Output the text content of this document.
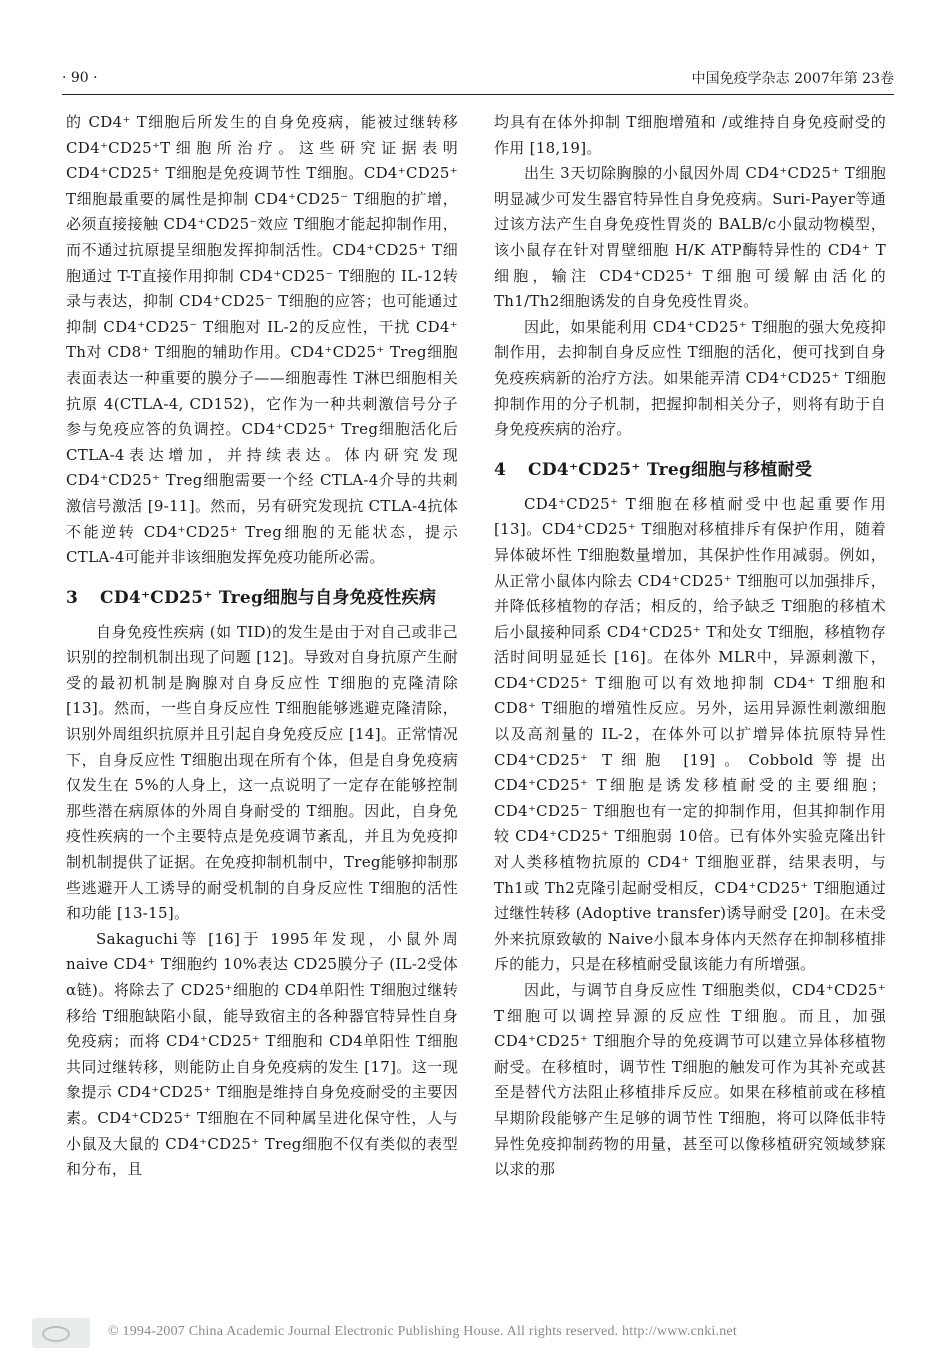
· 90 ·	中国免疫学杂志 2007年第 23卷

的 CD4⁺ T细胞后所发生的自身免疫病，能被过继转移 CD4⁺CD25⁺T细胞所治疗。这些研究证据表明 CD4⁺CD25⁺ T细胞是免疫调节性 T细胞。CD4⁺CD25⁺ T细胞最重要的属性是抑制 CD4⁺CD25⁻ T细胞的扩增，必须直接接触 CD4⁺CD25⁻效应 T细胞才能起抑制作用，而不通过抗原提呈细胞发挥抑制活性。CD4⁺CD25⁺ T细胞通过 T-T直接作用抑制 CD4⁺CD25⁻ T细胞的 IL-12转录与表达，抑制 CD4⁺CD25⁻ T细胞的应答；也可能通过抑制 CD4⁺CD25⁻ T细胞对 IL-2的反应性，干扰 CD4⁺ Th对 CD8⁺ T细胞的辅助作用。CD4⁺CD25⁺ Treg细胞表面表达一种重要的膜分子——细胞毒性 T淋巴细胞相关抗原 4(CTLA-4, CD152)，它作为一种共刺激信号分子参与免疫应答的负调控。CD4⁺CD25⁺ Treg细胞活化后 CTLA-4表达增加，并持续表达。体内研究发现 CD4⁺CD25⁺ Treg细胞需要一个经 CTLA-4介导的共刺激信号激活 [9-11]。然而，另有研究发现抗 CTLA-4抗体不能逆转 CD4⁺CD25⁺ Treg细胞的无能状态，提示 CTLA-4可能并非该细胞发挥免疫功能所必需。

3 CD4⁺CD25⁺ Treg细胞与自身免疫性疾病

自身免疫性疾病 (如 TID)的发生是由于对自己或非己识别的控制机制出现了问题 [12]。导致对自身抗原产生耐受的最初机制是胸腺对自身反应性 T细胞的克隆清除 [13]。然而，一些自身反应性 T细胞能够逃避克隆清除，识别外周组织抗原并且引起自身免疫反应 [14]。正常情况下，自身反应性 T细胞出现在所有个体，但是自身免疫病仅发生在 5%的人身上，这一点说明了一定存在能够控制那些潜在病原体的外周自身耐受的 T细胞。因此，自身免疫性疾病的一个主要特点是免疫调节紊乱，并且为免疫抑制机制提供了证据。在免疫抑制机制中，Treg能够抑制那些逃避开人工诱导的耐受机制的自身反应性 T细胞的活性和功能 [13-15]。

Sakaguchi等 [16]于 1995年发现，小鼠外周 naive CD4⁺ T细胞约 10%表达 CD25膜分子 (IL-2受体 α链)。将除去了 CD25⁺细胞的 CD4单阳性 T细胞过继转移给 T细胞缺陷小鼠，能导致宿主的各种器官特异性自身免疫病；而将 CD4⁺CD25⁺ T细胞和 CD4单阳性 T细胞共同过继转移，则能防止自身免疫病的发生 [17]。这一现象提示 CD4⁺CD25⁺ T细胞是维持自身免疫耐受的主要因素。CD4⁺CD25⁺ T细胞在不同种属呈进化保守性，人与小鼠及大鼠的 CD4⁺CD25⁺ Treg细胞不仅有类似的表型和分布，且

均具有在体外抑制 T细胞增殖和 /或维持自身免疫耐受的作用 [18,19]。

出生 3天切除胸腺的小鼠因外周 CD4⁺CD25⁺ T细胞明显减少可发生器官特异性自身免疫病。Suri-Payer等通过该方法产生自身免疫性胃炎的 BALB/c小鼠动物模型，该小鼠存在针对胃壁细胞 H/K ATP酶特异性的 CD4⁺ T细胞，输注 CD4⁺CD25⁺ T细胞可缓解由活化的 Th1/Th2细胞诱发的自身免疫性胃炎。

因此，如果能利用 CD4⁺CD25⁺ T细胞的强大免疫抑制作用，去抑制自身反应性 T细胞的活化，便可找到自身免疫疾病新的治疗方法。如果能弄清 CD4⁺CD25⁺ T细胞抑制作用的分子机制，把握抑制相关分子，则将有助于自身免疫疾病的治疗。

4 CD4⁺CD25⁺ Treg细胞与移植耐受

CD4⁺CD25⁺ T细胞在移植耐受中也起重要作用 [13]。CD4⁺CD25⁺ T细胞对移植排斥有保护作用，随着异体破坏性 T细胞数量增加，其保护性作用减弱。例如，从正常小鼠体内除去 CD4⁺CD25⁺ T细胞可以加强排斥，并降低移植物的存活；相反的，给予缺乏 T细胞的移植术后小鼠接种同系 CD4⁺CD25⁺ T和处女 T细胞，移植物存活时间明显延长 [16]。在体外 MLR中，异源刺激下，CD4⁺CD25⁺ T细胞可以有效地抑制 CD4⁺ T细胞和 CD8⁺ T细胞的增殖性反应。另外，运用异源性刺激细胞以及高剂量的 IL-2，在体外可以扩增异体抗原特异性 CD4⁺CD25⁺ T细胞 [19]。Cobbold等提出 CD4⁺CD25⁺ T细胞是诱发移植耐受的主要细胞；CD4⁺CD25⁻ T细胞也有一定的抑制作用，但其抑制作用较 CD4⁺CD25⁺ T细胞弱 10倍。已有体外实验克隆出针对人类移植物抗原的 CD4⁺ T细胞亚群，结果表明，与 Th1或 Th2克隆引起耐受相反，CD4⁺CD25⁺ T细胞通过过继性转移 (Adoptive transfer)诱导耐受 [20]。在未受外来抗原致敏的 Naive小鼠本身体内天然存在抑制移植排斥的能力，只是在移植耐受鼠该能力有所增强。

因此，与调节自身反应性 T细胞类似，CD4⁺CD25⁺ T细胞可以调控异源的反应性 T细胞。而且，加强 CD4⁺CD25⁺ T细胞介导的免疫调节可以建立异体移植物耐受。在移植时，调节性 T细胞的触发可作为其补充或甚至是替代方法阻止移植排斥反应。如果在移植前或在移植早期阶段能够产生足够的调节性 T细胞，将可以降低非特异性免疫抑制药物的用量，甚至可以像移植研究领域梦寐以求的那

© 1994-2007 China Academic Journal Electronic Publishing House. All rights reserved. http://www.cnki.net
